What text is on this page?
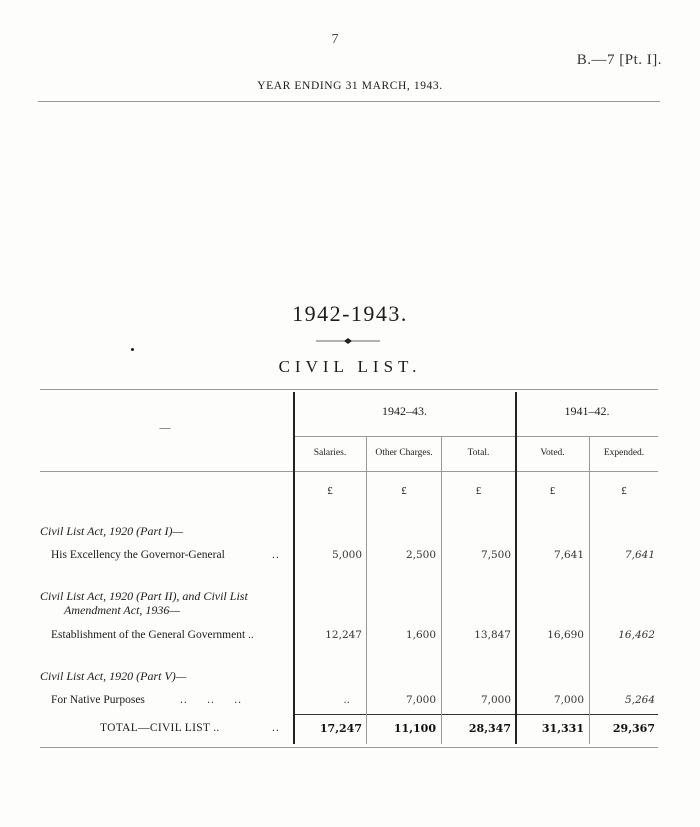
7
B.—7 [Pt. I].
YEAR ENDING 31 MARCH, 1943.
1942-1943.
CIVIL LIST.
—
1942–43.	1941–42.
Salaries.	Other Charges.	Total.	Voted.	Expended.
£	£	£	£	£
Civil List Act, 1920 (Part I)—
His Excellency the Governor-General	..	5,000	2,500	7,500	7,641	7,641
Civil List Act, 1920 (Part II), and Civil List
Amendment Act, 1936—
Establishment of the General Government ..	12,247	1,600	13,847	16,690	16,462
Civil List Act, 1920 (Part V)—
For Native Purposes	..     ..     ..	..	7,000	7,000	7,000	5,264
TOTAL—CIVIL LIST ..	..	17,247	11,100	28,347	31,331	29,367
